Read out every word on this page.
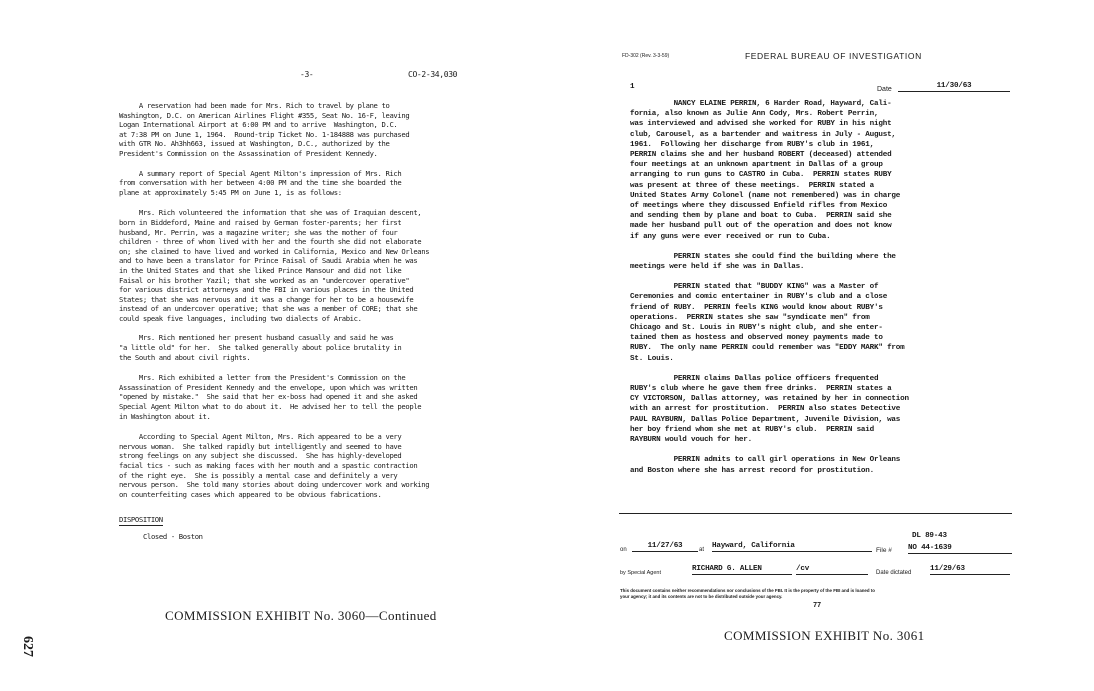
-3-	CO-2-34,030

A reservation had been made for Mrs. Rich to travel by plane to
Washington, D.C. on American Airlines Flight #355, Seat No. 16-F, leaving
Logan International Airport at 6:00 PM and to arrive  Washington, D.C.
at 7:38 PM on June 1, 1964.  Round-trip Ticket No. 1-184888 was purchased
with GTR No. Ah3hh663, issued at Washington, D.C., authorized by the
President's Commission on the Assassination of President Kennedy.

A summary report of Special Agent Milton's impression of Mrs. Rich
from conversation with her between 4:00 PM and the time she boarded the
plane at approximately 5:45 PM on June 1, is as follows:

Mrs. Rich volunteered the information that she was of Iraquian descent,
born in Biddeford, Maine and raised by German foster-parents; her first
husband, Mr. Perrin, was a magazine writer; she was the mother of four
children - three of whom lived with her and the fourth she did not elaborate
on; she claimed to have lived and worked in California, Mexico and New Orleans
and to have been a translator for Prince Faisal of Saudi Arabia when he was
in the United States and that she liked Prince Mansour and did not like
Faisal or his brother Yazil; that she worked as an "undercover operative"
for various district attorneys and the FBI in various places in the United
States; that she was nervous and it was a change for her to be a housewife
instead of an undercover operative; that she was a member of CORE; that she
could speak five languages, including two dialects of Arabic.

Mrs. Rich mentioned her present husband casually and said he was
"a little old" for her.  She talked generally about police brutality in
the South and about civil rights.

Mrs. Rich exhibited a letter from the President's Commission on the
Assassination of President Kennedy and the envelope, upon which was written
"opened by mistake."  She said that her ex-boss had opened it and she asked
Special Agent Milton what to do about it.  He advised her to tell the people
in Washington about it.

According to Special Agent Milton, Mrs. Rich appeared to be a very
nervous woman.  She talked rapidly but intelligently and seemed to have
strong feelings on any subject she discussed.  She has highly-developed
facial tics - such as making faces with her mouth and a spastic contraction
of the right eye.  She is possibly a mental case and definitely a very
nervous person.  She told many stories about doing undercover work and working
on counterfeiting cases which appeared to be obvious fabrications.

DISPOSITION
Closed - Boston
COMMISSION EXHIBIT No. 3060—Continued
627
FD-302 (Rev. 3-3-59)	FEDERAL BUREAU OF INVESTIGATION
1	Date	11/30/63

NANCY ELAINE PERRIN, 6 Harder Road, Hayward, Cali-
fornia, also known as Julie Ann Cody, Mrs. Robert Perrin,
was interviewed and advised she worked for RUBY in his night
club, Carousel, as a bartender and waitress in July - August,
1961.  Following her discharge from RUBY's club in 1961,
PERRIN claims she and her husband ROBERT (deceased) attended
four meetings at an unknown apartment in Dallas of a group
arranging to run guns to CASTRO in Cuba.  PERRIN states RUBY
was present at three of these meetings.  PERRIN stated a
United States Army Colonel (name not remembered) was in charge
of meetings where they discussed Enfield rifles from Mexico
and sending them by plane and boat to Cuba.  PERRIN said she
made her husband pull out of the operation and does not know
if any guns were ever received or run to Cuba.

PERRIN states she could find the building where the
meetings were held if she was in Dallas.

PERRIN stated that "BUDDY KING" was a Master of
Ceremonies and comic entertainer in RUBY's club and a close
friend of RUBY.  PERRIN feels KING would know about RUBY's
operations.  PERRIN states she saw "syndicate men" from
Chicago and St. Louis in RUBY's night club, and she enter-
tained them as hostess and observed money payments made to
RUBY.  The only name PERRIN could remember was "EDDY MARK" from
St. Louis.

PERRIN claims Dallas police officers frequented
RUBY's club where he gave them free drinks.  PERRIN states a
CY VICTORSON, Dallas attorney, was retained by her in connection
with an arrest for prostitution.  PERRIN also states Detective
PAUL RAYBURN, Dallas Police Department, Juvenile Division, was
her boy friend whom she met at RUBY's club.  PERRIN said
RAYBURN would vouch for her.

PERRIN admits to call girl operations in New Orleans
and Boston where she has arrest record for prostitution.

DL 89-43
on	11/27/63	at Hayward, California
File # NO 44-1639
by Special Agent	RICHARD G. ALLEN	/cv	Date dictated 11/29/63
This document contains neither recommendations nor conclusions of the FBI. It is the property of the FBI and is loaned to
your agency; it and its contents are not to be distributed outside your agency.
77
COMMISSION EXHIBIT No. 3061
